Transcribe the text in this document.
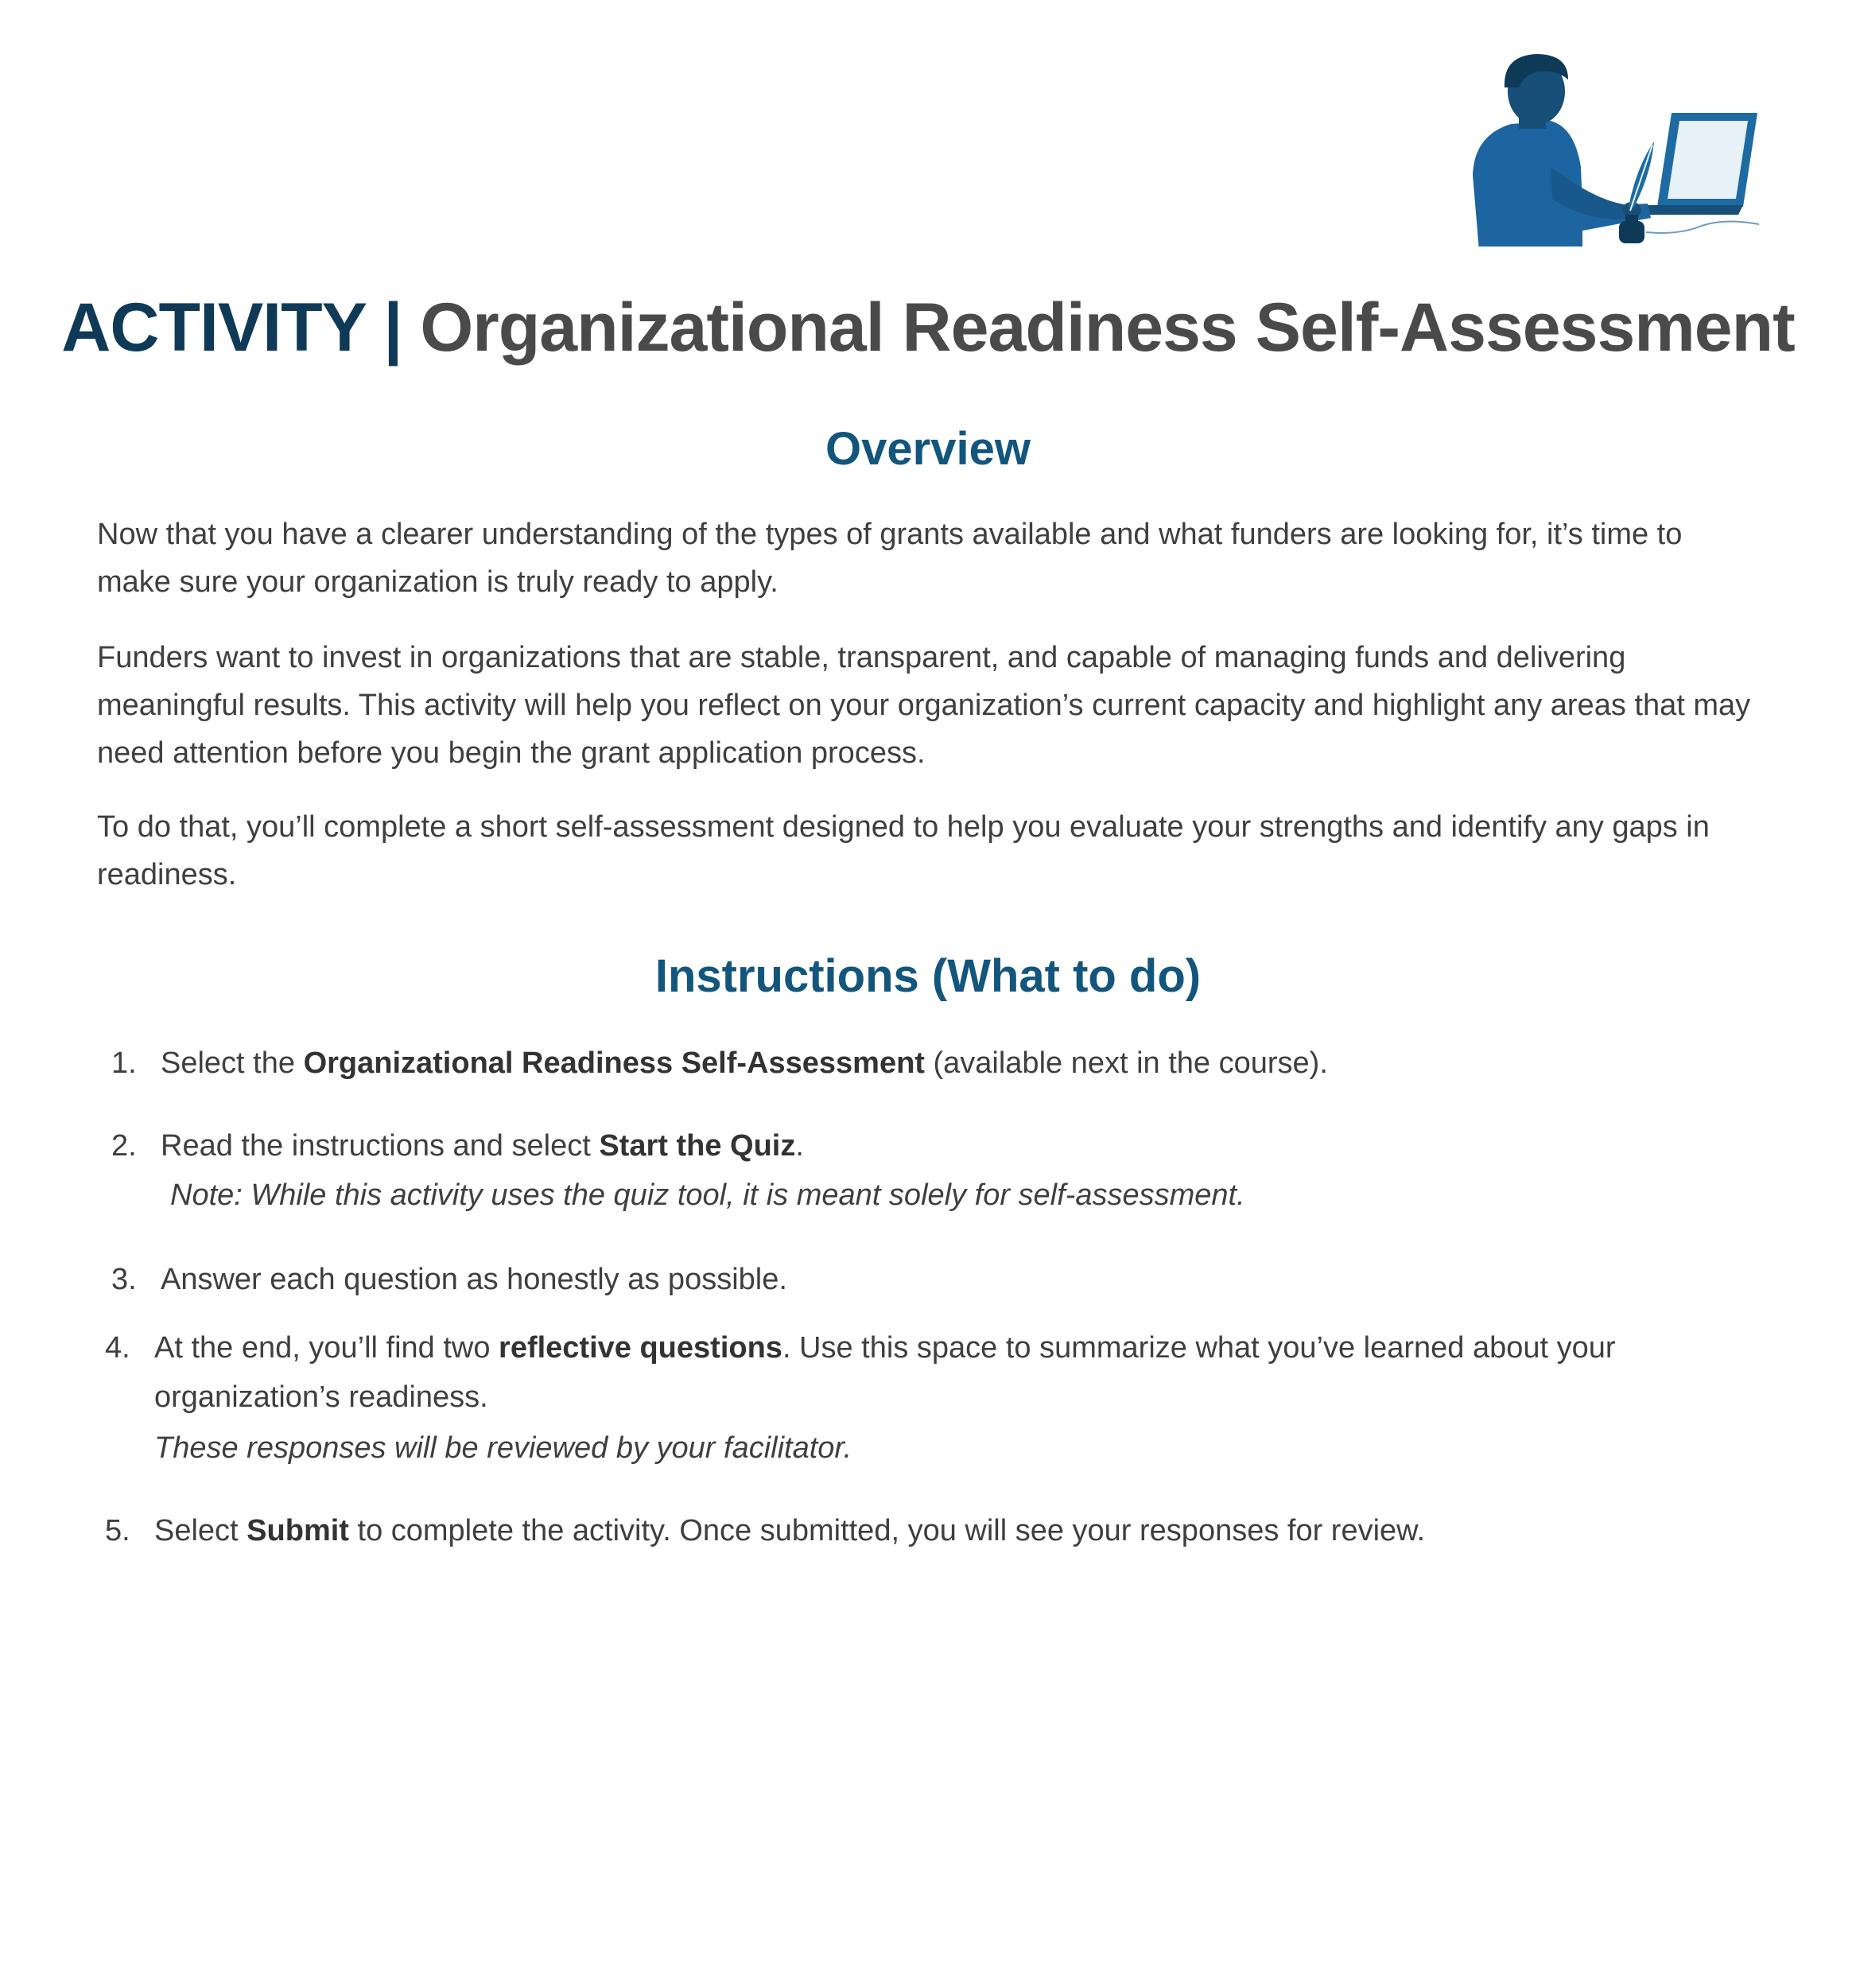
ACTIVITY | Organizational Readiness Self-Assessment
Overview

Now that you have a clearer understanding of the types of grants available and what funders are looking for, it’s time to make sure your organization is truly ready to apply.

Funders want to invest in organizations that are stable, transparent, and capable of managing funds and delivering meaningful results. This activity will help you reflect on your organization’s current capacity and highlight any areas that may need attention before you begin the grant application process.

To do that, you’ll complete a short self-assessment designed to help you evaluate your strengths and identify any gaps in readiness.

Instructions (What to do)
1. Select the Organizational Readiness Self-Assessment (available next in the course).
2. Read the instructions and select Start the Quiz.
Note: While this activity uses the quiz tool, it is meant solely for self-assessment.
3. Answer each question as honestly as possible.
4. At the end, you’ll find two reflective questions. Use this space to summarize what you’ve learned about your organization’s readiness.
These responses will be reviewed by your facilitator.
5. Select Submit to complete the activity. Once submitted, you will see your responses for review.
